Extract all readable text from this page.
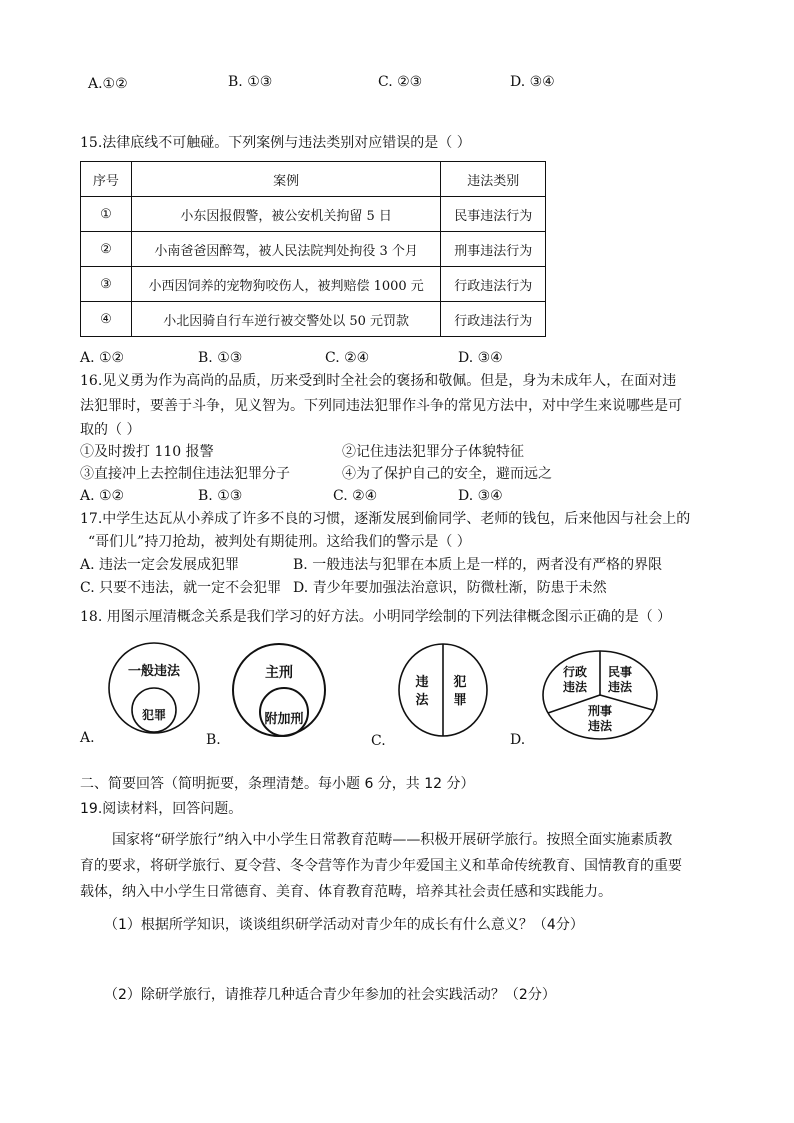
A.①②	B. ①③	C. ②③	D. ③④
15.法律底线不可触碰。下列案例与违法类别对应错误的是（ ）
序号	案例	违法类别
①	小东因报假警，被公安机关拘留 5 日	民事违法行为
②	小南爸爸因醉驾，被人民法院判处拘役 3 个月	刑事违法行为
③	小西因饲养的宠物狗咬伤人，被判赔偿 1000 元	行政违法行为
④	小北因骑自行车逆行被交警处以 50 元罚款	行政违法行为
A. ①②	B. ①③	C. ②④	D. ③④
16.见义勇为作为高尚的品质，历来受到时全社会的褒扬和敬佩。但是，身为未成年人，在面对违
法犯罪时，要善于斗争，见义智为。下列同违法犯罪作斗争的常见方法中，对中学生来说哪些是可
取的（ ）
①及时拨打 110 报警	②记住违法犯罪分子体貌特征
③直接冲上去控制住违法犯罪分子	④为了保护自己的安全，避而远之
A. ①②	B. ①③	C. ②④	D. ③④
17.中学生达瓦从小养成了许多不良的习惯，逐渐发展到偷同学、老师的钱包，后来他因与社会上的
“哥们儿”持刀抢劫，被判处有期徒刑。这给我们的警示是（ ）
A. 违法一定会发展成犯罪	B. 一般违法与犯罪在本质上是一样的，两者没有严格的界限
C. 只要不违法，就一定不会犯罪 D. 青少年要加强法治意识，防微杜渐，防患于未然
18. 用图示厘清概念关系是我们学习的好方法。小明同学绘制的下列法律概念图示正确的是（ ）
一般违法
犯罪
A.
主刑
附加刑
B.
违
法
犯
罪
C.
行政
违法
民事
违法
刑事
违法
D.
二、简要回答（简明扼要，条理清楚。每小题 6 分，共 12 分）
19.阅读材料，回答问题。
国家将“研学旅行”纳入中小学生日常教育范畴——积极开展研学旅行。按照全面实施素质教
育的要求，将研学旅行、夏令营、冬令营等作为青少年爱国主义和革命传统教育、国情教育的重要
载体，纳入中小学生日常德育、美育、体育教育范畴，培养其社会责任感和实践能力。
（1）根据所学知识，谈谈组织研学活动对青少年的成长有什么意义？（4分）
（2）除研学旅行，请推荐几种适合青少年参加的社会实践活动？（2分）
